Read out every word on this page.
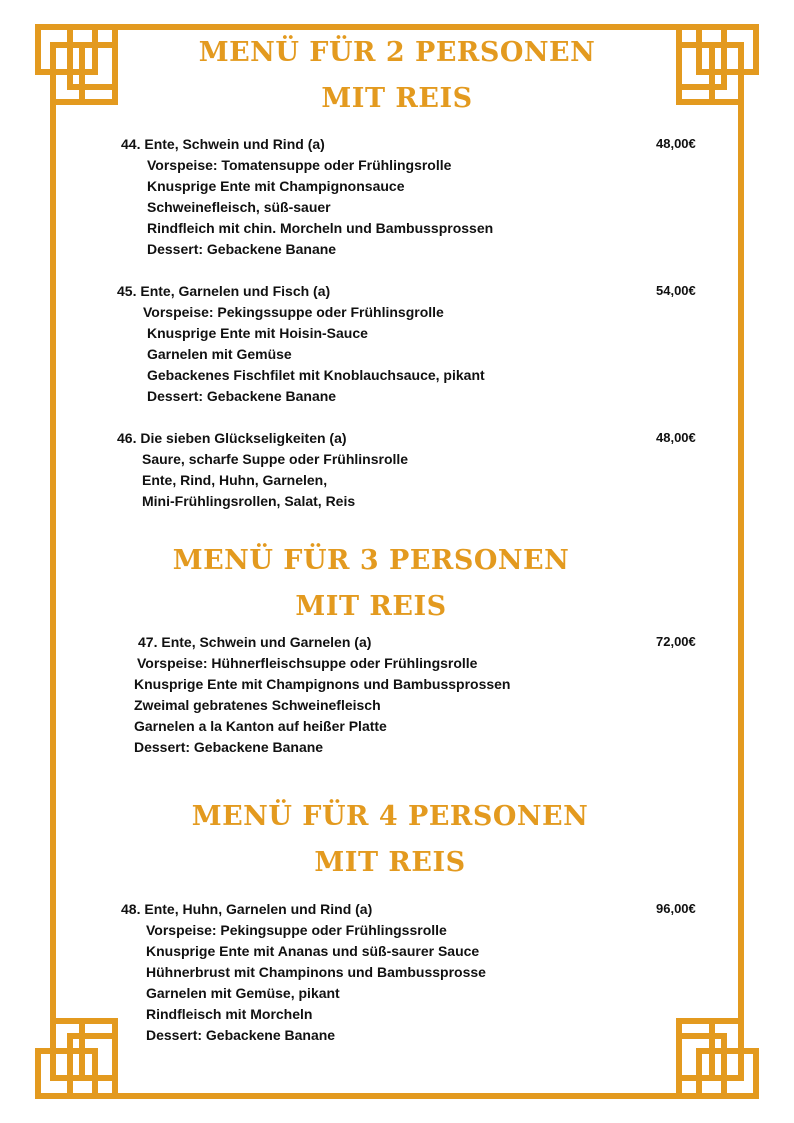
MENÜ FÜR 2 PERSONEN
MIT REIS
44. Ente, Schwein und Rind (a)
Vorspeise: Tomatensuppe oder Frühlingsrolle
Knusprige Ente mit Champignonsauce
Schweinefleisch, süß-sauer
Rindfleich mit chin. Morcheln und Bambussprossen
Dessert: Gebackene Banane
48,00€
45. Ente, Garnelen und Fisch (a)
Vorspeise: Pekingssuppe oder Frühlinsgrolle
Knusprige Ente mit Hoisin-Sauce
Garnelen mit Gemüse
Gebackenes Fischfilet mit Knoblauchsauce, pikant
Dessert: Gebackene Banane
54,00€
46. Die sieben Glückseligkeiten (a)
Saure, scharfe Suppe oder Frühlinsrolle
Ente, Rind, Huhn, Garnelen,
Mini-Frühlingsrollen, Salat, Reis
48,00€
MENÜ FÜR 3 PERSONEN
MIT REIS
47. Ente, Schwein und Garnelen (a)
Vorspeise: Hühnerfleischsuppe oder Frühlingsrolle
Knusprige Ente mit Champignons und Bambussprossen
Zweimal gebratenes Schweinefleisch
Garnelen a la Kanton auf heißer Platte
Dessert: Gebackene Banane
72,00€
MENÜ FÜR 4 PERSONEN
MIT REIS
48. Ente, Huhn, Garnelen und Rind (a)
Vorspeise: Pekingsuppe oder Frühlingssrolle
Knusprige Ente mit Ananas und süß-saurer Sauce
Hühnerbrust mit Champinons und Bambussprosse
Garnelen mit Gemüse, pikant
Rindfleisch mit Morcheln
Dessert: Gebackene Banane
96,00€
